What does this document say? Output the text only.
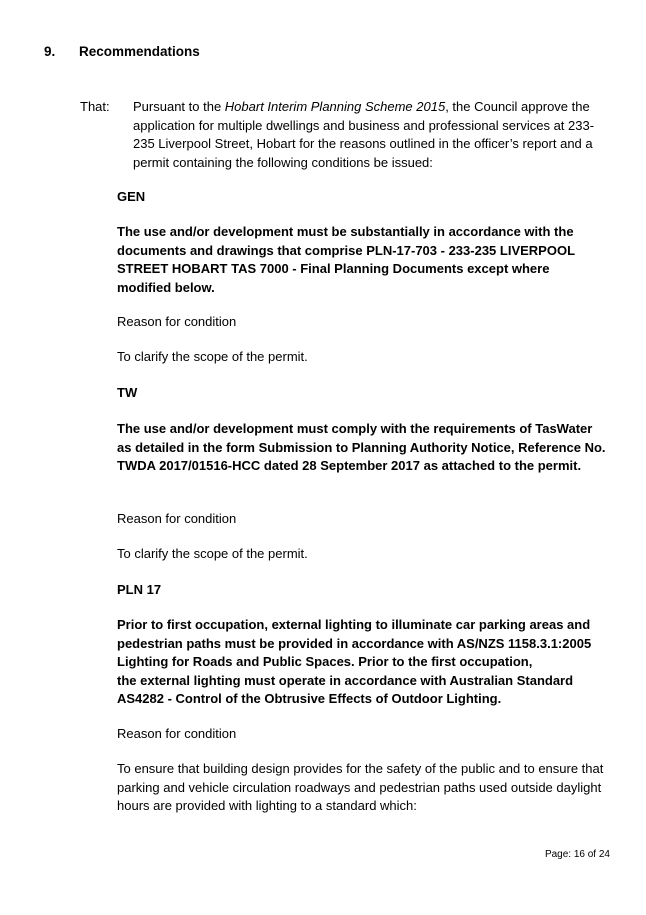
9. Recommendations
That: Pursuant to the Hobart Interim Planning Scheme 2015, the Council approve the application for multiple dwellings and business and professional services at 233-235 Liverpool Street, Hobart for the reasons outlined in the officer’s report and a permit containing the following conditions be issued:
GEN
The use and/or development must be substantially in accordance with the documents and drawings that comprise PLN-17-703 - 233-235 LIVERPOOL STREET HOBART TAS 7000 - Final Planning Documents except where modified below.
Reason for condition
To clarify the scope of the permit.
TW
The use and/or development must comply with the requirements of TasWater as detailed in the form Submission to Planning Authority Notice, Reference No. TWDA 2017/01516-HCC dated 28 September 2017 as attached to the permit.
Reason for condition
To clarify the scope of the permit.
PLN 17
Prior to first occupation, external lighting to illuminate car parking areas and pedestrian paths must be provided in accordance with AS/NZS 1158.3.1:2005 Lighting for Roads and Public Spaces. Prior to the first occupation,
the external lighting must operate in accordance with Australian Standard AS4282 - Control of the Obtrusive Effects of Outdoor Lighting.
Reason for condition
To ensure that building design provides for the safety of the public and to ensure that parking and vehicle circulation roadways and pedestrian paths used outside daylight hours are provided with lighting to a standard which:
Page: 16 of 24
